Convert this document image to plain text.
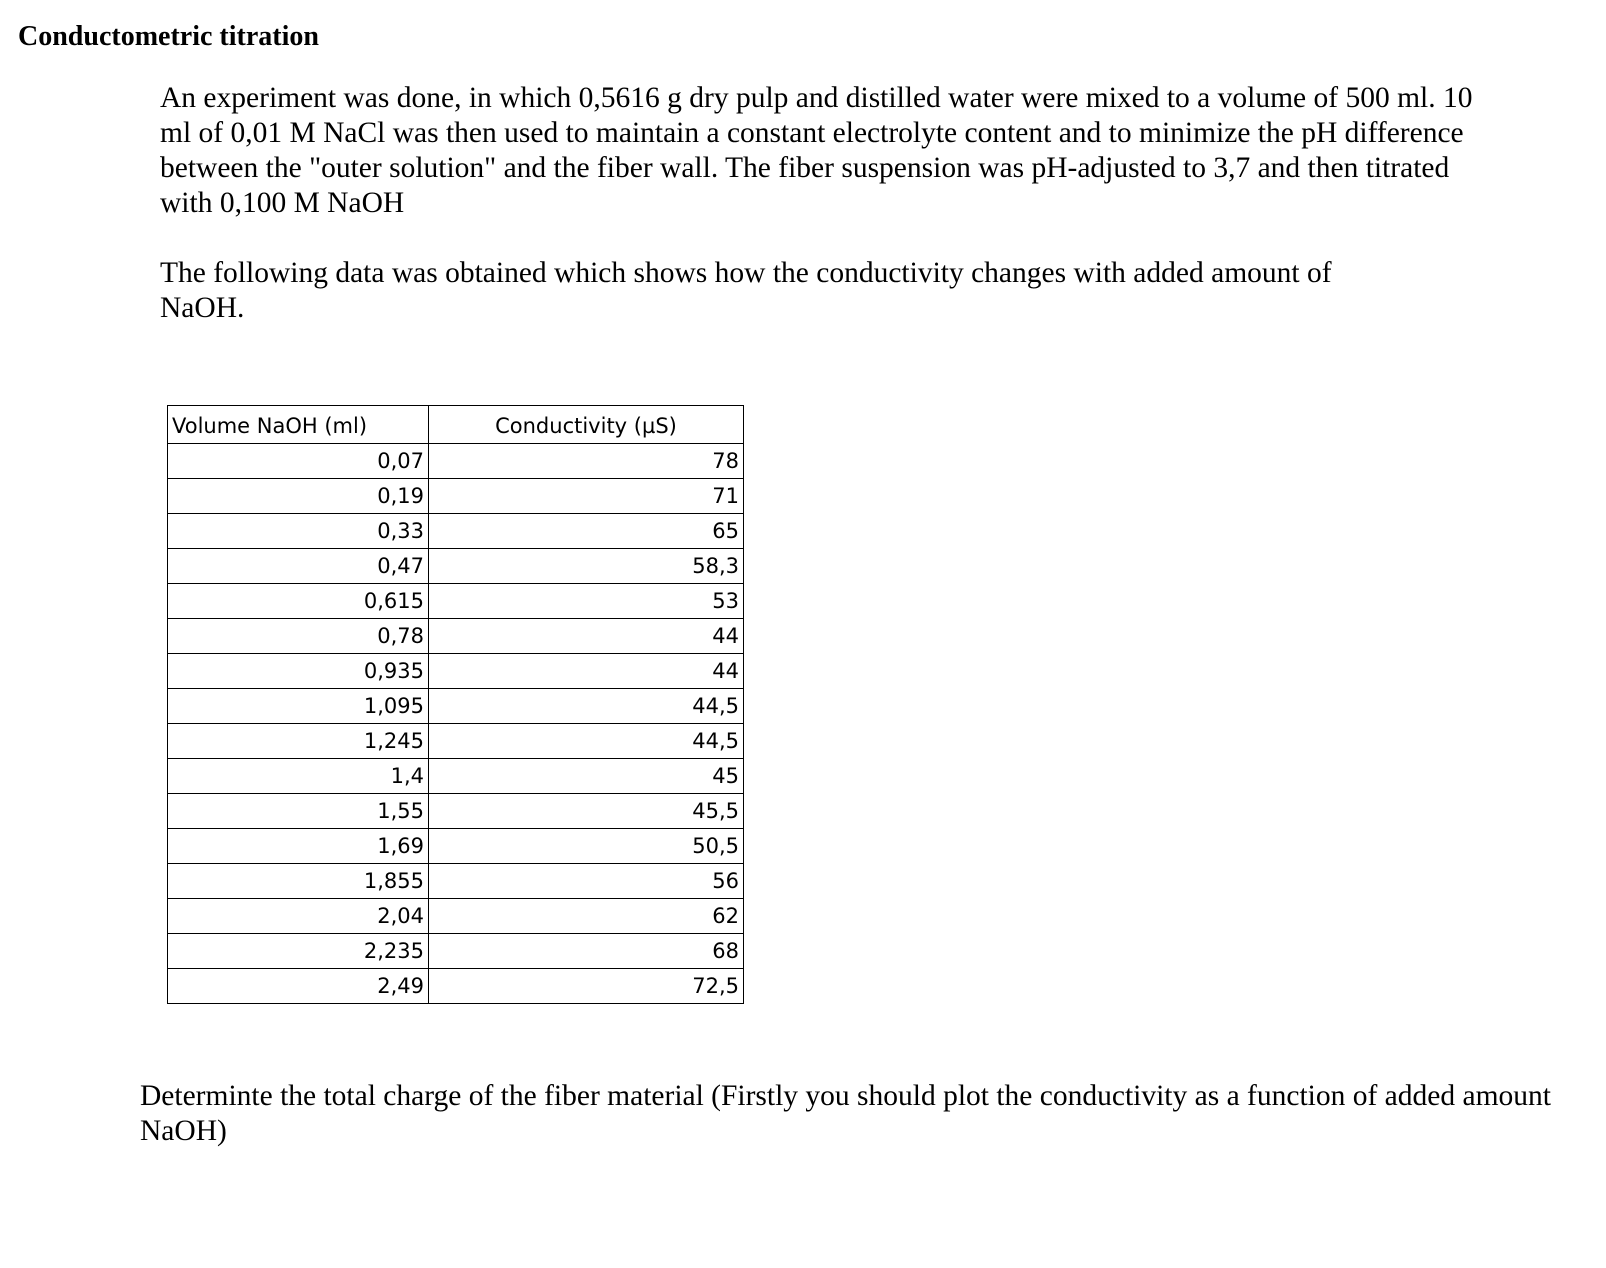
Conductometric titration

An experiment was done, in which 0,5616 g dry pulp and distilled water were mixed to a volume of 500 ml. 10 ml of 0,01 M NaCl was then used to maintain a constant electrolyte content and to minimize the pH difference between the "outer solution" and the fiber wall. The fiber suspension was pH-adjusted to 3,7 and then titrated with 0,100 M NaOH

The following data was obtained which shows how the conductivity changes with added amount of NaOH.

Volume NaOH (ml)	Conductivity (µS)
0,07	78
0,19	71
0,33	65
0,47	58,3
0,615	53
0,78	44
0,935	44
1,095	44,5
1,245	44,5
1,4	45
1,55	45,5
1,69	50,5
1,855	56
2,04	62
2,235	68
2,49	72,5

Determinte the total charge of the fiber material (Firstly you should plot the conductivity as a function of added amount NaOH)
